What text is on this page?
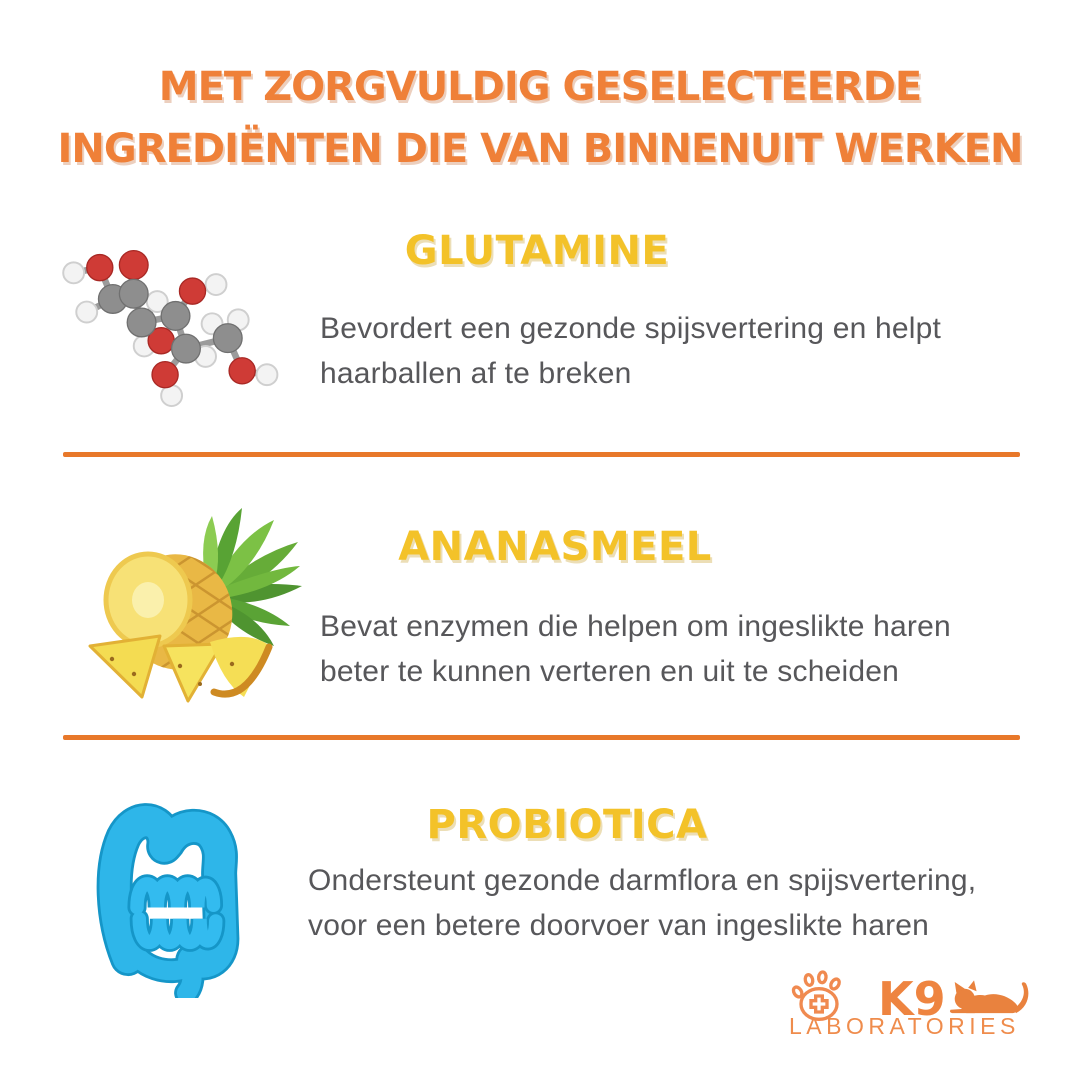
MET ZORGVULDIG GESELECTEERDE
INGREDIËNTEN DIE VAN BINNENUIT WERKEN
GLUTAMINE
Bevordert een gezonde spijsvertering en helpt
haarballen af te breken
ANANASMEEL
Bevat enzymen die helpen om ingeslikte haren
beter te kunnen verteren en uit te scheiden
PROBIOTICA
Ondersteunt gezonde darmflora en spijsvertering,
voor een betere doorvoer van ingeslikte haren
K9
LABORATORIES
